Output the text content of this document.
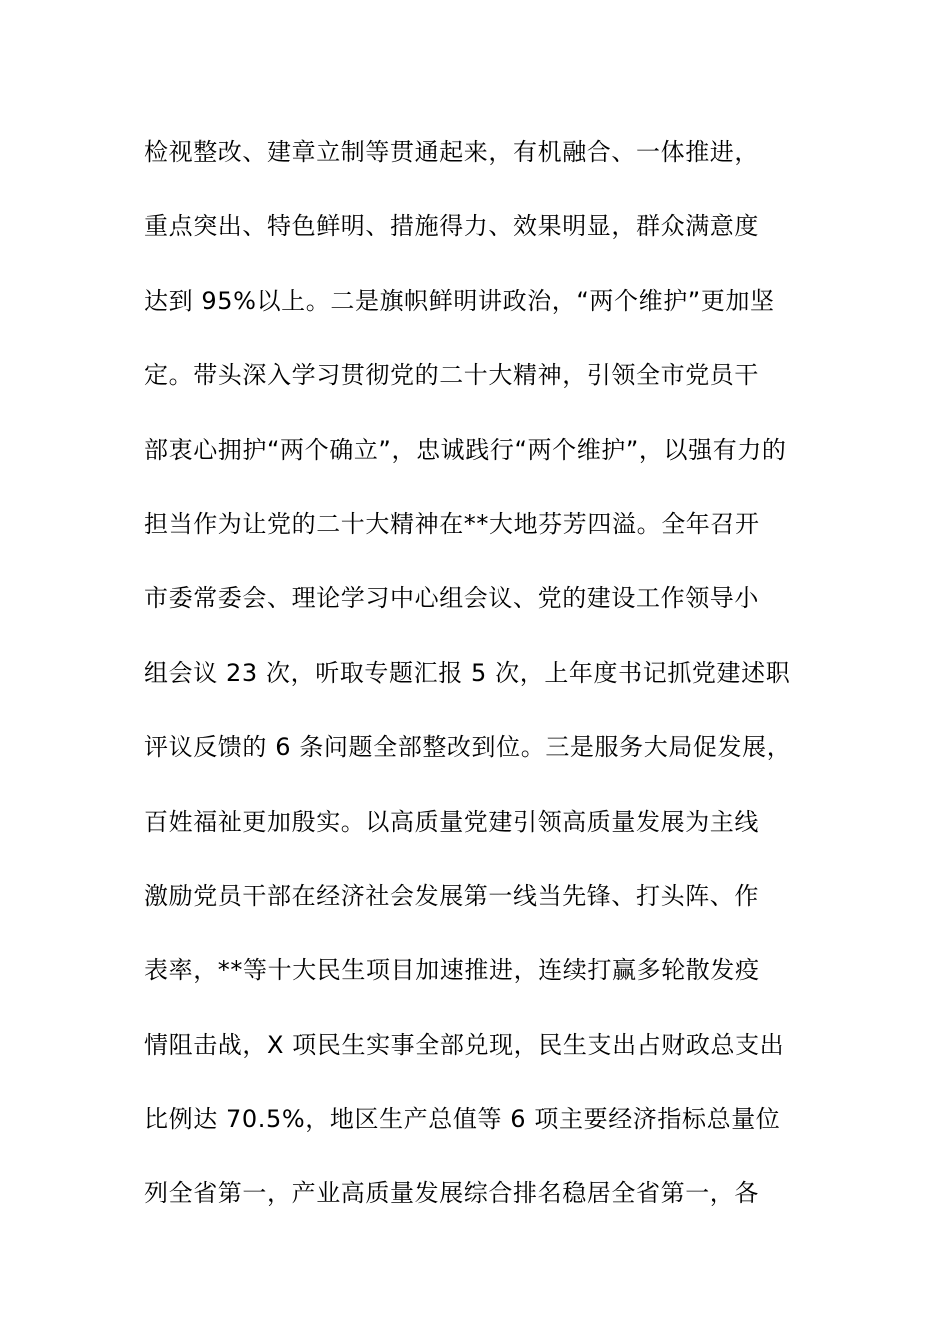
检视整改、建章立制等贯通起来，有机融合、一体推进，
重点突出、特色鲜明、措施得力、效果明显，群众满意度
达到 95%以上。二是旗帜鲜明讲政治，“两个维护”更加坚
定。带头深入学习贯彻党的二十大精神，引领全市党员干
部衷心拥护“两个确立”，忠诚践行“两个维护”，以强有力的
担当作为让党的二十大精神在**大地芬芳四溢。全年召开
市委常委会、理论学习中心组会议、党的建设工作领导小
组会议 23 次，听取专题汇报 5 次，上年度书记抓党建述职
评议反馈的 6 条问题全部整改到位。三是服务大局促发展，
百姓福祉更加殷实。以高质量党建引领高质量发展为主线
激励党员干部在经济社会发展第一线当先锋、打头阵、作
表率，**等十大民生项目加速推进，连续打赢多轮散发疫
情阻击战，X 项民生实事全部兑现，民生支出占财政总支出
比例达 70.5%，地区生产总值等 6 项主要经济指标总量位
列全省第一，产业高质量发展综合排名稳居全省第一，各
